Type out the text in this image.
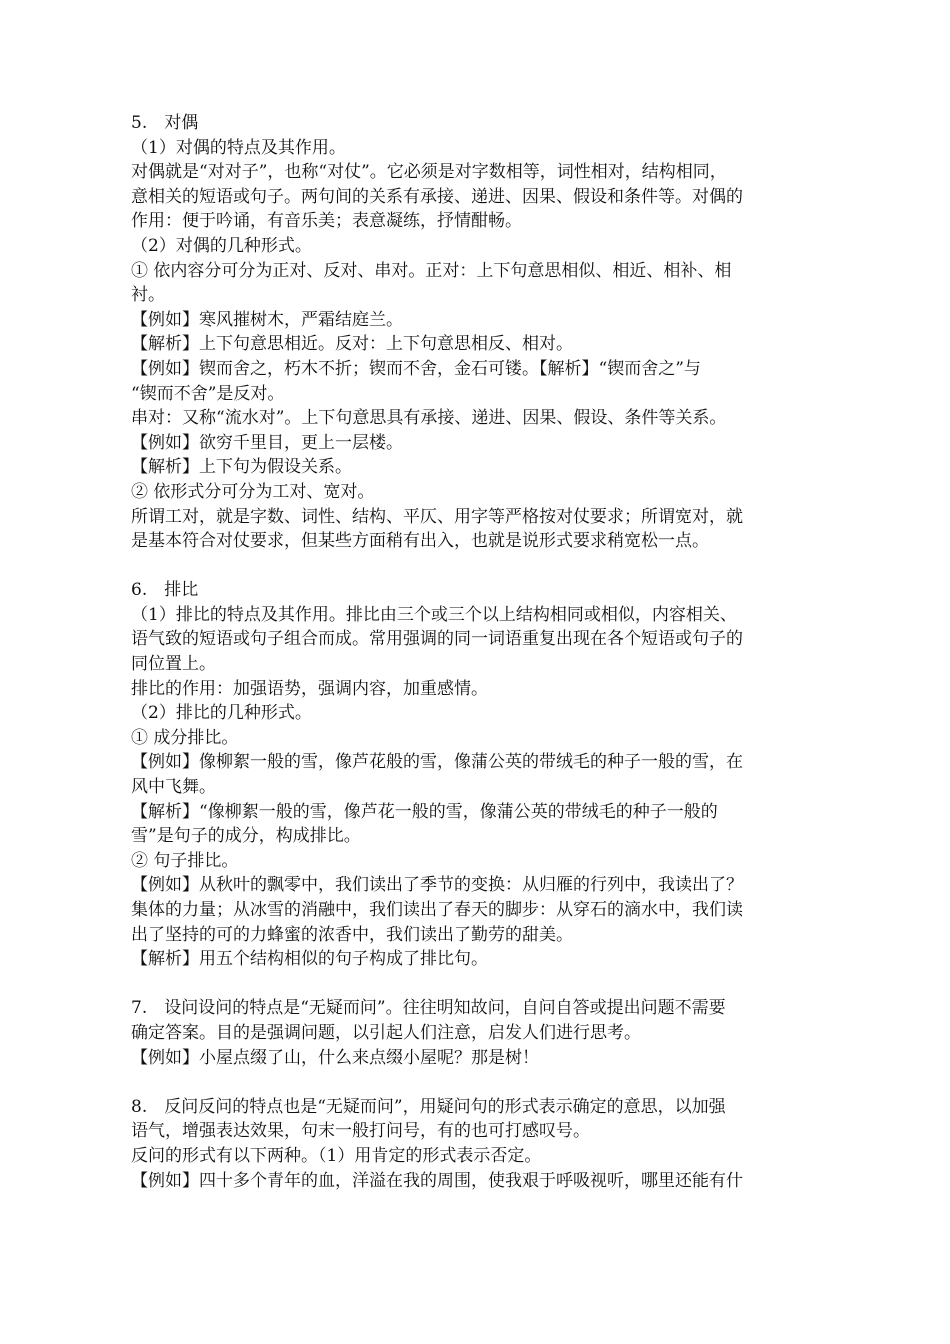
5.　对偶
（1）对偶的特点及其作用。
对偶就是“对对子”，也称“对仗”。它必须是对字数相等，词性相对，结构相同，
意相关的短语或句子。两句间的关系有承接、递进、因果、假设和条件等。对偶的
作用：便于吟诵，有音乐美；表意凝练，抒情酣畅。
（2）对偶的几种形式。
① 依内容分可分为正对、反对、串对。正对：上下句意思相似、相近、相补、相
衬。
【例如】寒风摧树木，严霜结庭兰。
【解析】上下句意思相近。反对：上下句意思相反、相对。
【例如】锲而舍之，朽木不折；锲而不舍，金石可镂。【解析】“锲而舍之”与
“锲而不舍”是反对。
串对：又称“流水对”。上下句意思具有承接、递进、因果、假设、条件等关系。
【例如】欲穷千里目，更上一层楼。
【解析】上下句为假设关系。
② 依形式分可分为工对、宽对。
所谓工对，就是字数、词性、结构、平仄、用字等严格按对仗要求；所谓宽对，就
是基本符合对仗要求，但某些方面稍有出入，也就是说形式要求稍宽松一点。
6.　排比
（1）排比的特点及其作用。排比由三个或三个以上结构相同或相似，内容相关、
语气致的短语或句子组合而成。常用强调的同一词语重复出现在各个短语或句子的
同位置上。
排比的作用：加强语势，强调内容，加重感情。
（2）排比的几种形式。
① 成分排比。
【例如】像柳絮一般的雪，像芦花般的雪，像蒲公英的带绒毛的种子一般的雪，在
风中飞舞。
【解析】“像柳絮一般的雪，像芦花一般的雪，像蒲公英的带绒毛的种子一般的
雪”是句子的成分，构成排比。
② 句子排比。
【例如】从秋叶的飘零中，我们读出了季节的变换：从归雁的行列中，我读出了？
集体的力量；从冰雪的消融中，我们读出了春天的脚步：从穿石的滴水中，我们读
出了坚持的可的力蜂蜜的浓香中，我们读出了勤劳的甜美。
【解析】用五个结构相似的句子构成了排比句。
7.　设问设问的特点是“无疑而问”。往往明知故问，自问自答或提出问题不需要
确定答案。目的是强调问题，以引起人们注意，启发人们进行思考。
【例如】小屋点缀了山，什么来点缀小屋呢？那是树！
8.　反问反问的特点也是“无疑而问”，用疑问句的形式表示确定的意思，以加强
语气，增强表达效果，句末一般打问号，有的也可打感叹号。
反问的形式有以下两种。（1）用肯定的形式表示否定。
【例如】四十多个青年的血，洋溢在我的周围，使我艰于呼吸视听，哪里还能有什
